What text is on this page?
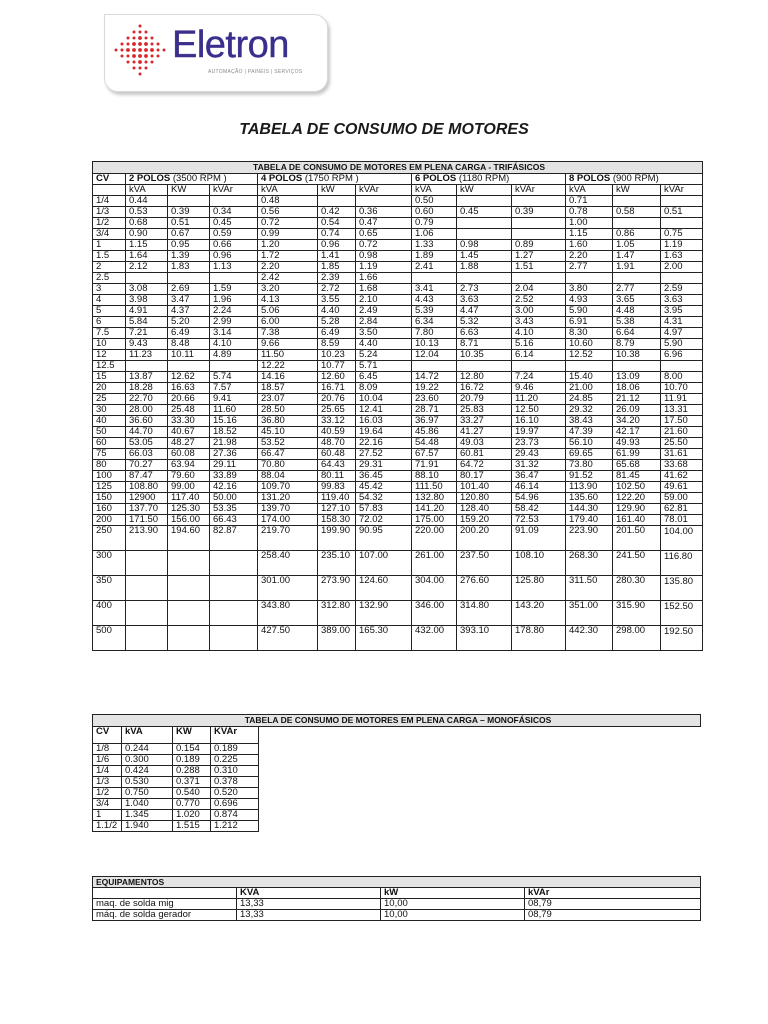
Eletron
AUTOMAÇÃO | PAINÉIS | SERVIÇOS
TABELA DE CONSUMO DE MOTORES
TABELA DE CONSUMO DE MOTORES EM PLENA CARGA - TRIFÁSICOS												
CV	2 POLOS (3500 RPM )			4 POLOS (1750 RPM )			6 POLOS (1180 RPM)			8 POLOS (900 RPM)		
	kVA	KW	kVAr	kVA	kW	kVAr	kVA	kW	kVAr	kVA	kW	kVAr
1/4	0.44			0.48			0.50			0.71		
1/3	0.53	0.39	0.34	0.56	0.42	0.36	0.60	0.45	0.39	0.78	0.58	0.51
1/2	0.68	0.51	0.45	0.72	0.54	0.47	0.79			1.00		
3/4	0.90	0.67	0.59	0.99	0.74	0.65	1.06			1.15	0.86	0.75
1	1.15	0.95	0.66	1.20	0.96	0.72	1.33	0.98	0.89	1.60	1.05	1.19
1.5	1.64	1.39	0.96	1.72	1.41	0.98	1.89	1.45	1.27	2.20	1.47	1.63
2	2.12	1.83	1.13	2.20	1.85	1.19	2.41	1.88	1.51	2.77	1.91	2.00
2.5				2.42	2.39	1.66						
3	3.08	2.69	1.59	3.20	2.72	1.68	3.41	2.73	2.04	3.80	2.77	2.59
4	3.98	3.47	1.96	4.13	3.55	2.10	4.43	3.63	2.52	4.93	3.65	3.63
5	4.91	4.37	2.24	5.06	4.40	2.49	5.39	4.47	3.00	5.90	4.48	3.95
6	5.84	5.20	2.99	6.00	5.28	2.84	6.34	5.32	3.43	6.91	5.38	4.31
7.5	7.21	6.49	3.14	7.38	6.49	3.50	7.80	6.63	4.10	8.30	6.64	4.97
10	9.43	8.48	4.10	9.66	8.59	4.40	10.13	8.71	5.16	10.60	8.79	5.90
12	11.23	10.11	4.89	11.50	10.23	5.24	12.04	10.35	6.14	12.52	10.38	6.96
12.5				12.22	10.77	5.71						
15	13.87	12.62	5.74	14.16	12.60	6.45	14.72	12.80	7.24	15.40	13.09	8.00
20	18.28	16.63	7.57	18.57	16.71	8.09	19.22	16.72	9.46	21.00	18.06	10.70
25	22.70	20.66	9.41	23.07	20.76	10.04	23.60	20.79	11.20	24.85	21.12	11.91
30	28.00	25.48	11.60	28.50	25.65	12.41	28.71	25.83	12.50	29.32	26.09	13.31
40	36.60	33.30	15.16	36.80	33.12	16.03	36.97	33.27	16.10	38.43	34.20	17.50
50	44.70	40.67	18.52	45.10	40.59	19.64	45.86	41.27	19.97	47.39	42.17	21.60
60	53.05	48.27	21.98	53.52	48.70	22.16	54.48	49.03	23.73	56.10	49.93	25.50
75	66.03	60.08	27.36	66.47	60.48	27.52	67.57	60.81	29.43	69.65	61.99	31.61
80	70.27	63.94	29.11	70.80	64.43	29.31	71.91	64.72	31.32	73.80	65.68	33.68
100	87.47	79.60	33.89	88.04	80.11	36.45	88.10	80.17	36.47	91.52	81.45	41.62
125	108.80	99.00	42.16	109.70	99.83	45.42	111.50	101.40	46.14	113.90	102.50	49.61
150	12900	117.40	50.00	131.20	119.40	54.32	132.80	120.80	54.96	135.60	122.20	59.00
160	137.70	125.30	53.35	139.70	127.10	57.83	141.20	128.40	58.42	144.30	129.90	62.81
200	171.50	156.00	66.43	174.00	158.30	72.02	175.00	159.20	72.53	179.40	161.40	78.01
250	213.90	194.60	82.87	219.70	199.90	90.95	220.00	200.20	91.09	223.90	201.50	104.00
300				258.40	235.10	107.00	261.00	237.50	108.10	268.30	241.50	116.80
350				301.00	273.90	124.60	304.00	276.60	125.80	311.50	280.30	135.80
400				343.80	312.80	132.90	346.00	314.80	143.20	351.00	315.90	152.50
500				427.50	389.00	165.30	432.00	393.10	178.80	442.30	298.00	192.50
TABELA DE CONSUMO DE MOTORES EM PLENA CARGA – MONOFÁSICOS				
CV	kVA	KW	KVAr	
1/8	0.244	0.154	0.189	
1/6	0.300	0.189	0.225	
1/4	0.424	0.288	0.310	
1/3	0.530	0.371	0.378	
1/2	0.750	0.540	0.520	
3/4	1.040	0.770	0.696	
1	1.345	1.020	0.874	
1.1/2	1.940	1.515	1.212	
EQUIPAMENTOS			
	KVA	kW	kVAr
maq. de solda mig	13,33	10,00	08,79
máq. de solda gerador	13,33	10,00	08,79
